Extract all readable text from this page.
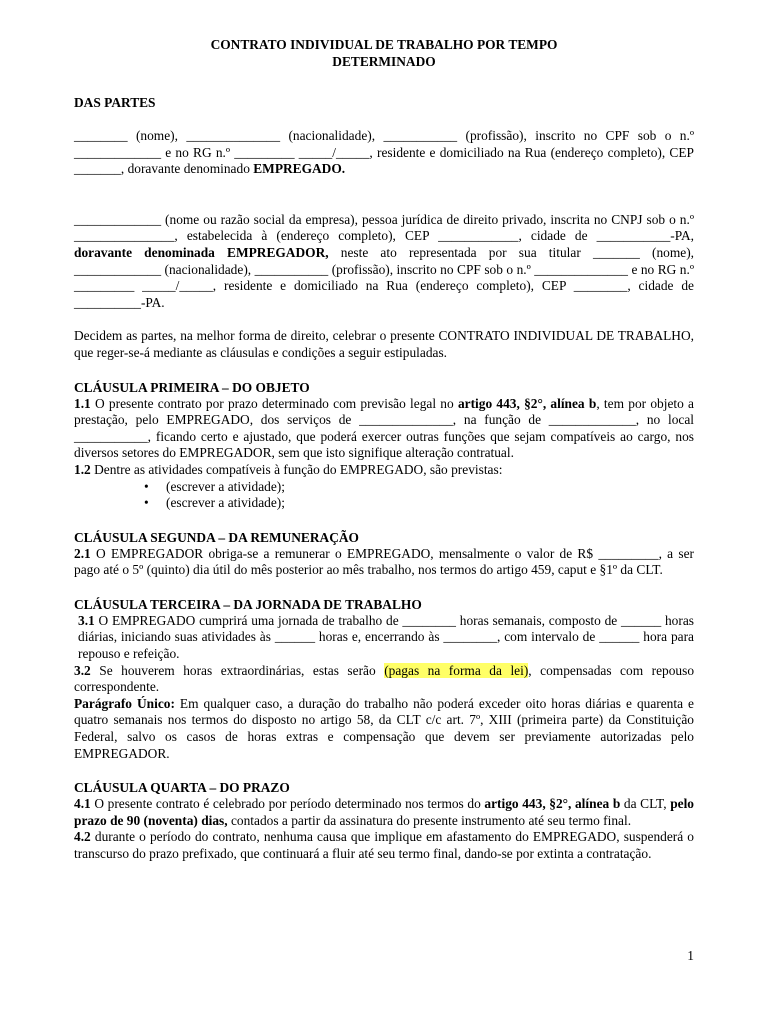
CONTRATO INDIVIDUAL DE TRABALHO POR TEMPO

DETERMINADO

DAS PARTES

________ (nome), ______________ (nacionalidade), ___________ (profissão), inscrito no CPF sob o n.º _____________ e no RG n.º _________ _____/_____, residente e domiciliado na Rua (endereço completo), CEP _______, doravante denominado EMPREGADO.

_____________ (nome ou razão social da empresa), pessoa jurídica de direito privado, inscrita no CNPJ sob o n.º _______________, estabelecida à (endereço completo), CEP ____________, cidade de ___________-PA, doravante denominada EMPREGADOR, neste ato representada por sua titular _______ (nome), _____________ (nacionalidade), ___________ (profissão), inscrito no CPF sob o n.º ______________ e no RG n.º _________ _____/_____, residente e domiciliado na Rua (endereço completo), CEP ________, cidade de __________-PA.

Decidem as partes, na melhor forma de direito, celebrar o presente CONTRATO INDIVIDUAL DE TRABALHO, que reger-se-á mediante as cláusulas e condições a seguir estipuladas.

CLÁUSULA PRIMEIRA – DO OBJETO

1.1 O presente contrato por prazo determinado com previsão legal no artigo 443, §2°, alínea b, tem por objeto a prestação, pelo EMPREGADO, dos serviços de ______________, na função de _____________, no local ___________, ficando certo e ajustado, que poderá exercer outras funções que sejam compatíveis ao cargo, nos diversos setores do EMPREGADOR, sem que isto signifique alteração contratual.

1.2 Dentre as atividades compatíveis à função do EMPREGADO, são previstas:

• (escrever a atividade);
• (escrever a atividade);
CLÁUSULA SEGUNDA – DA REMUNERAÇÃO

2.1 O EMPREGADOR obriga-se a remunerar o EMPREGADO, mensalmente o valor de R$ _________, a ser pago até o 5º (quinto) dia útil do mês posterior ao mês trabalho, nos termos do artigo 459, caput e §1º da CLT.

CLÁUSULA TERCEIRA – DA JORNADA DE TRABALHO

3.1 O EMPREGADO cumprirá uma jornada de trabalho de ________ horas semanais, composto de ______ horas diárias, iniciando suas atividades às ______ horas e, encerrando às ________, com intervalo de ______ hora para repouso e refeição.

3.2 Se houverem horas extraordinárias, estas serão (pagas na forma da lei), compensadas com repouso correspondente.

Parágrafo Único: Em qualquer caso, a duração do trabalho não poderá exceder oito horas diárias e quarenta e quatro semanais nos termos do disposto no artigo 58, da CLT c/c art. 7º, XIII (primeira parte) da Constituição Federal, salvo os casos de horas extras e compensação que devem ser previamente autorizadas pelo EMPREGADOR.

CLÁUSULA QUARTA – DO PRAZO

4.1 O presente contrato é celebrado por período determinado nos termos do artigo 443, §2°, alínea b da CLT, pelo prazo de 90 (noventa) dias, contados a partir da assinatura do presente instrumento até seu termo final.

4.2 durante o período do contrato, nenhuma causa que implique em afastamento do EMPREGADO, suspenderá o transcurso do prazo prefixado, que continuará a fluir até seu termo final, dando-se por extinta a contratação.

1
